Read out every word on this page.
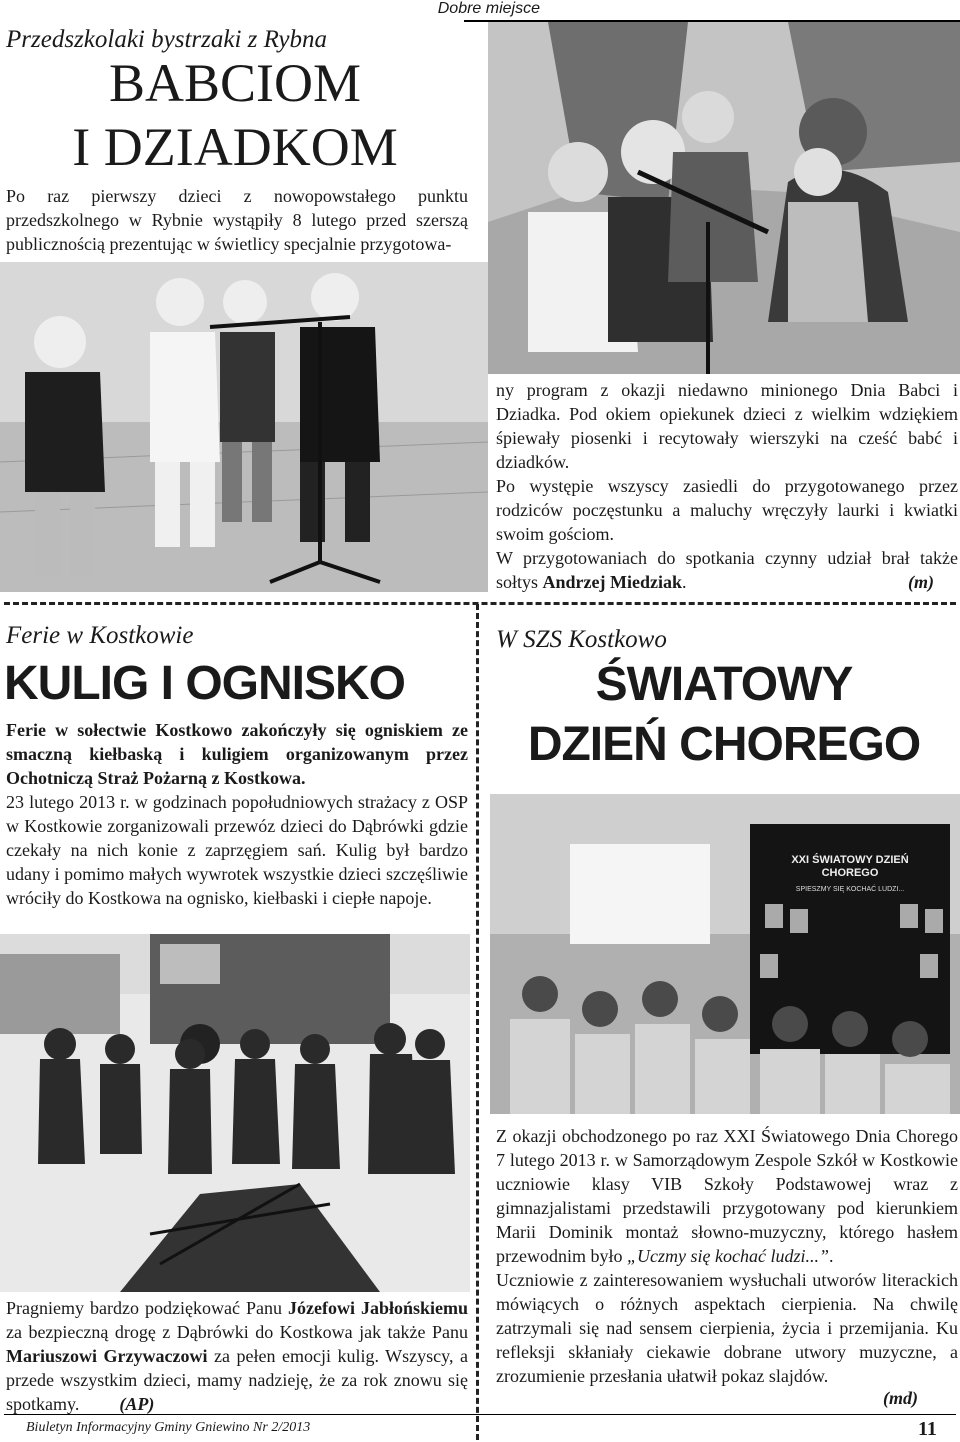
Dobre miejsce
Przedszkolaki bystrzaki z Rybna
BABCIOM
I DZIADKOM

Po raz pierwszy dzieci z nowopowstałego punktu przedszkolnego w Rybnie wystąpiły 8 lutego przed szerszą publicznością prezentując w świetlicy specjalnie przygotowa-

ny program z okazji niedawno minionego Dnia Babci i Dziadka. Pod okiem opiekunek dzieci z wielkim wdziękiem śpiewały piosenki i recytowały wierszyki na cześć babć i dziadków.

Po występie wszyscy zasiedli do przygotowanego przez rodziców poczęstunku a maluchy wręczyły laurki i kwiatki swoim gościom.

W przygotowaniach do spotkania czynny udział brał także sołtys Andrzej Miedziak.	(m)

Ferie w Kostkowie
KULIG I OGNISKO

Ferie w sołectwie Kostkowo zakończyły się ogniskiem ze smaczną kiełbaską i kuligiem organizowanym przez Ochotniczą Straż Pożarną z Kostkowa.

23 lutego 2013 r. w godzinach popołudniowych strażacy z OSP w Kostkowie zorganizowali przewóz dzieci do Dąbrówki gdzie czekały na nich konie z zaprzęgiem sań. Kulig był bardzo udany i pomimo małych wywrotek wszystkie dzieci szczęśliwie wróciły do Kostkowa na ognisko, kiełbaski i ciepłe napoje.

Pragniemy bardzo podziękować Panu Józefowi Jabłońskiemu za bezpieczną drogę z Dąbrówki do Kostkowa jak także Panu Mariuszowi Grzywaczowi za pełen emocji kulig. Wszyscy, a przede wszystkim dzieci, mamy nadzieję, że za rok znowu się spotkamy. (AP)

W SZS Kostkowo
ŚWIATOWY
DZIEŃ CHOREGO
XXI ŚWIATOWY DZIEŃ CHOREGO
SPIESZMY SIĘ KOCHAĆ LUDZI...

Z okazji obchodzonego po raz XXI Światowego Dnia Chorego 7 lutego 2013 r. w Samorządowym Zespole Szkół w Kostkowie uczniowie klasy VIB Szkoły Podstawowej wraz z gimnazjalistami przedstawili przygotowany pod kierunkiem Marii Dominik montaż słowno-muzyczny, którego hasłem przewodnim było „Uczmy się kochać ludzi...”.

Uczniowie z zainteresowaniem wysłuchali utworów literackich mówiących o różnych aspektach cierpienia. Na chwilę zatrzymali się nad sensem cierpienia, życia i przemijania. Ku refleksji skłaniały ciekawie dobrane utwory muzyczne, a zrozumienie przesłania ułatwił pokaz slajdów.

(md)
Biuletyn Informacyjny Gminy Gniewino Nr 2/2013	11
